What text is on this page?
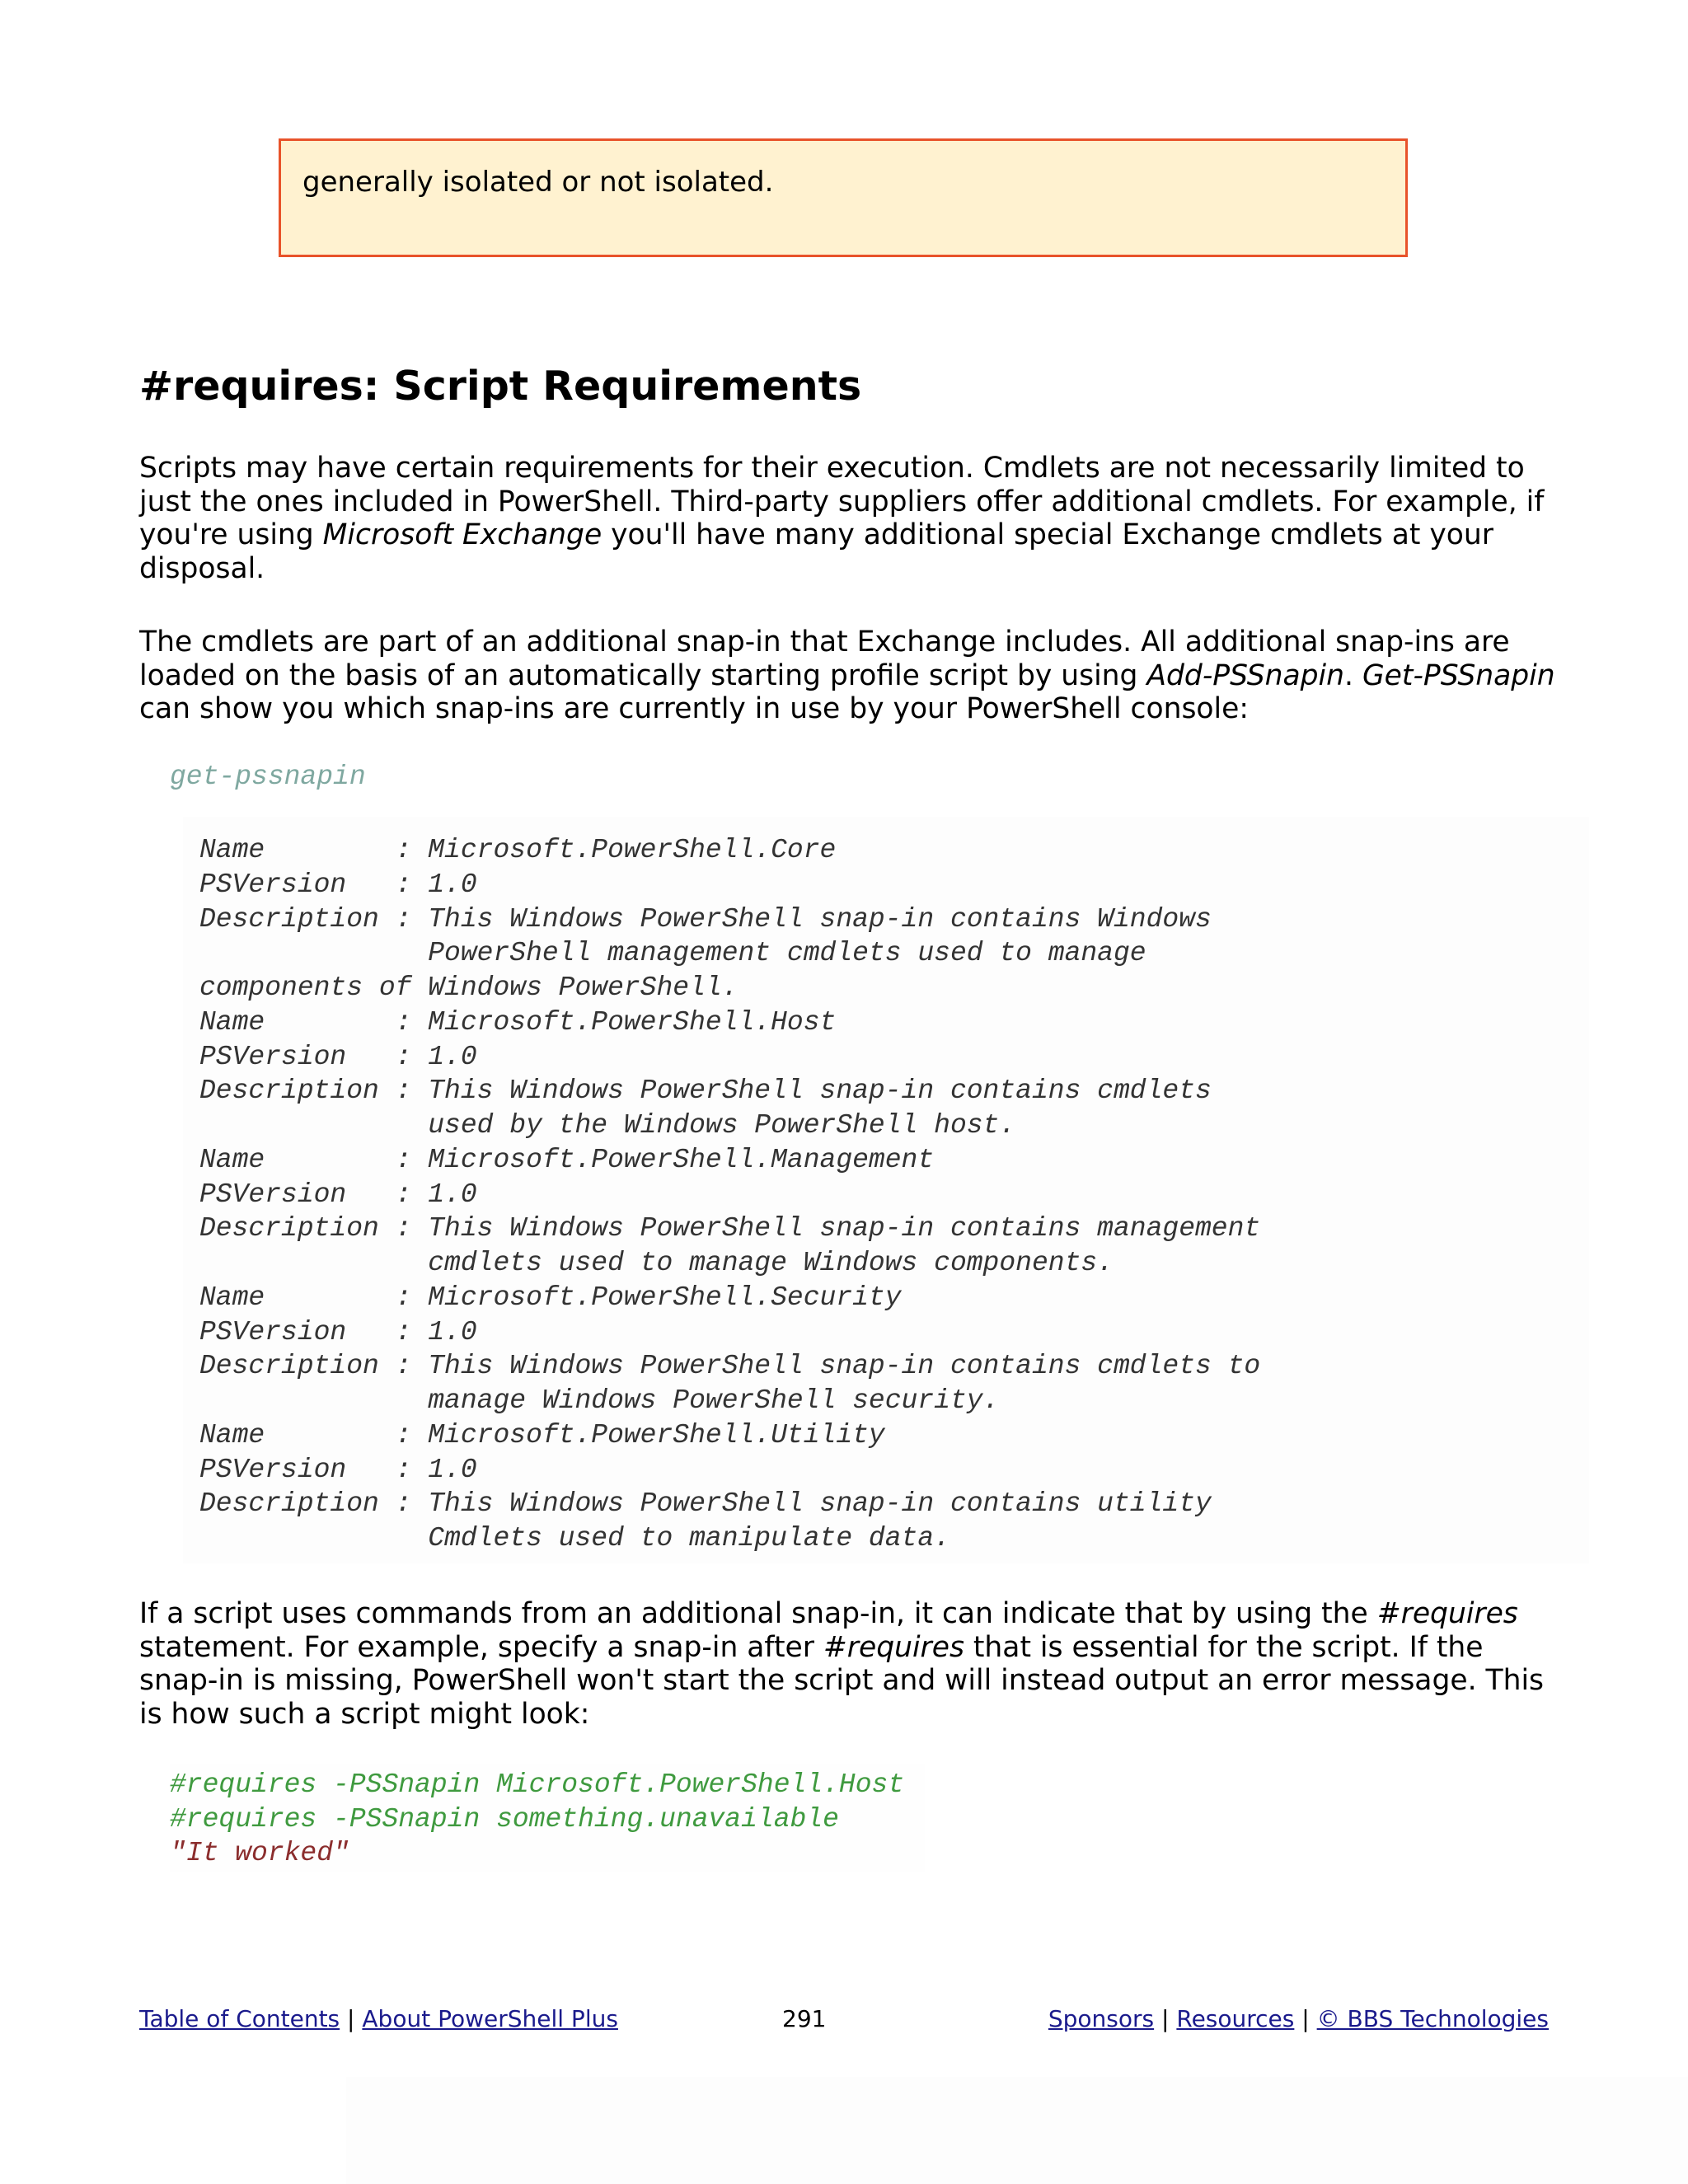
generally isolated or not isolated.
#requires: Script Requirements

Scripts may have certain requirements for their execution. Cmdlets are not necessarily limited to just the ones included in PowerShell. Third-party suppliers offer additional cmdlets. For example, if you're using Microsoft Exchange you'll have many additional special Exchange cmdlets at your disposal.

The cmdlets are part of an additional snap-in that Exchange includes. All additional snap-ins are loaded on the basis of an automatically starting profile script by using Add-PSSnapin. Get-PSSnapin can show you which snap-ins are currently in use by your PowerShell console:

get-pssnapin
Name        : Microsoft.PowerShell.Core
PSVersion   : 1.0
Description : This Windows PowerShell snap-in contains Windows
PowerShell management cmdlets used to manage
components of Windows PowerShell.
Name        : Microsoft.PowerShell.Host
PSVersion   : 1.0
Description : This Windows PowerShell snap-in contains cmdlets
used by the Windows PowerShell host.
Name        : Microsoft.PowerShell.Management
PSVersion   : 1.0
Description : This Windows PowerShell snap-in contains management
cmdlets used to manage Windows components.
Name        : Microsoft.PowerShell.Security
PSVersion   : 1.0
Description : This Windows PowerShell snap-in contains cmdlets to
manage Windows PowerShell security.
Name        : Microsoft.PowerShell.Utility
PSVersion   : 1.0
Description : This Windows PowerShell snap-in contains utility
Cmdlets used to manipulate data.

If a script uses commands from an additional snap-in, it can indicate that by using the #requires statement. For example, specify a snap-in after #requires that is essential for the script. If the snap-in is missing, PowerShell won't start the script and will instead output an error message. This is how such a script might look:

#requires -PSSnapin Microsoft.PowerShell.Host
#requires -PSSnapin something.unavailable
"It worked"
Table of Contents | About PowerShell Plus	291	Sponsors | Resources | © BBS Technologies
